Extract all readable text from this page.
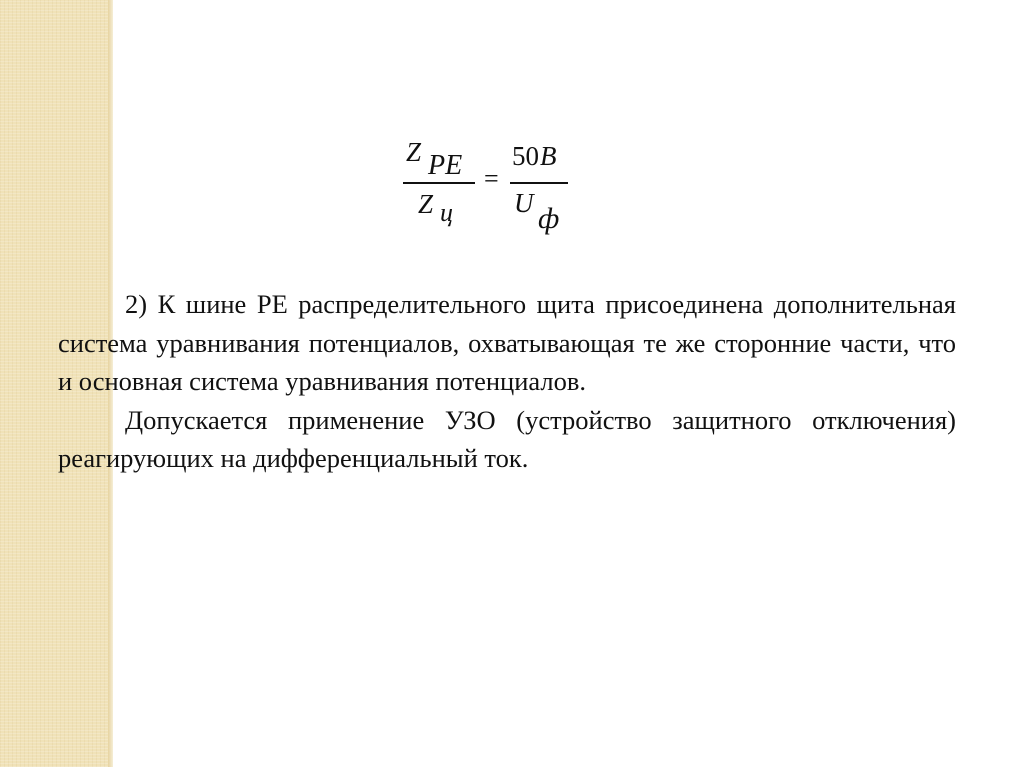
Z PE
Z ц
=
50 B
U ф

2) К шине PE распределительного щита присоединена дополнительная система уравнивания потенциалов, охватывающая те же сторонние части, что и основная система уравнивания потенциалов.

Допускается применение УЗО (устройство защитного отключения) реагирующих на дифференциальный ток.
